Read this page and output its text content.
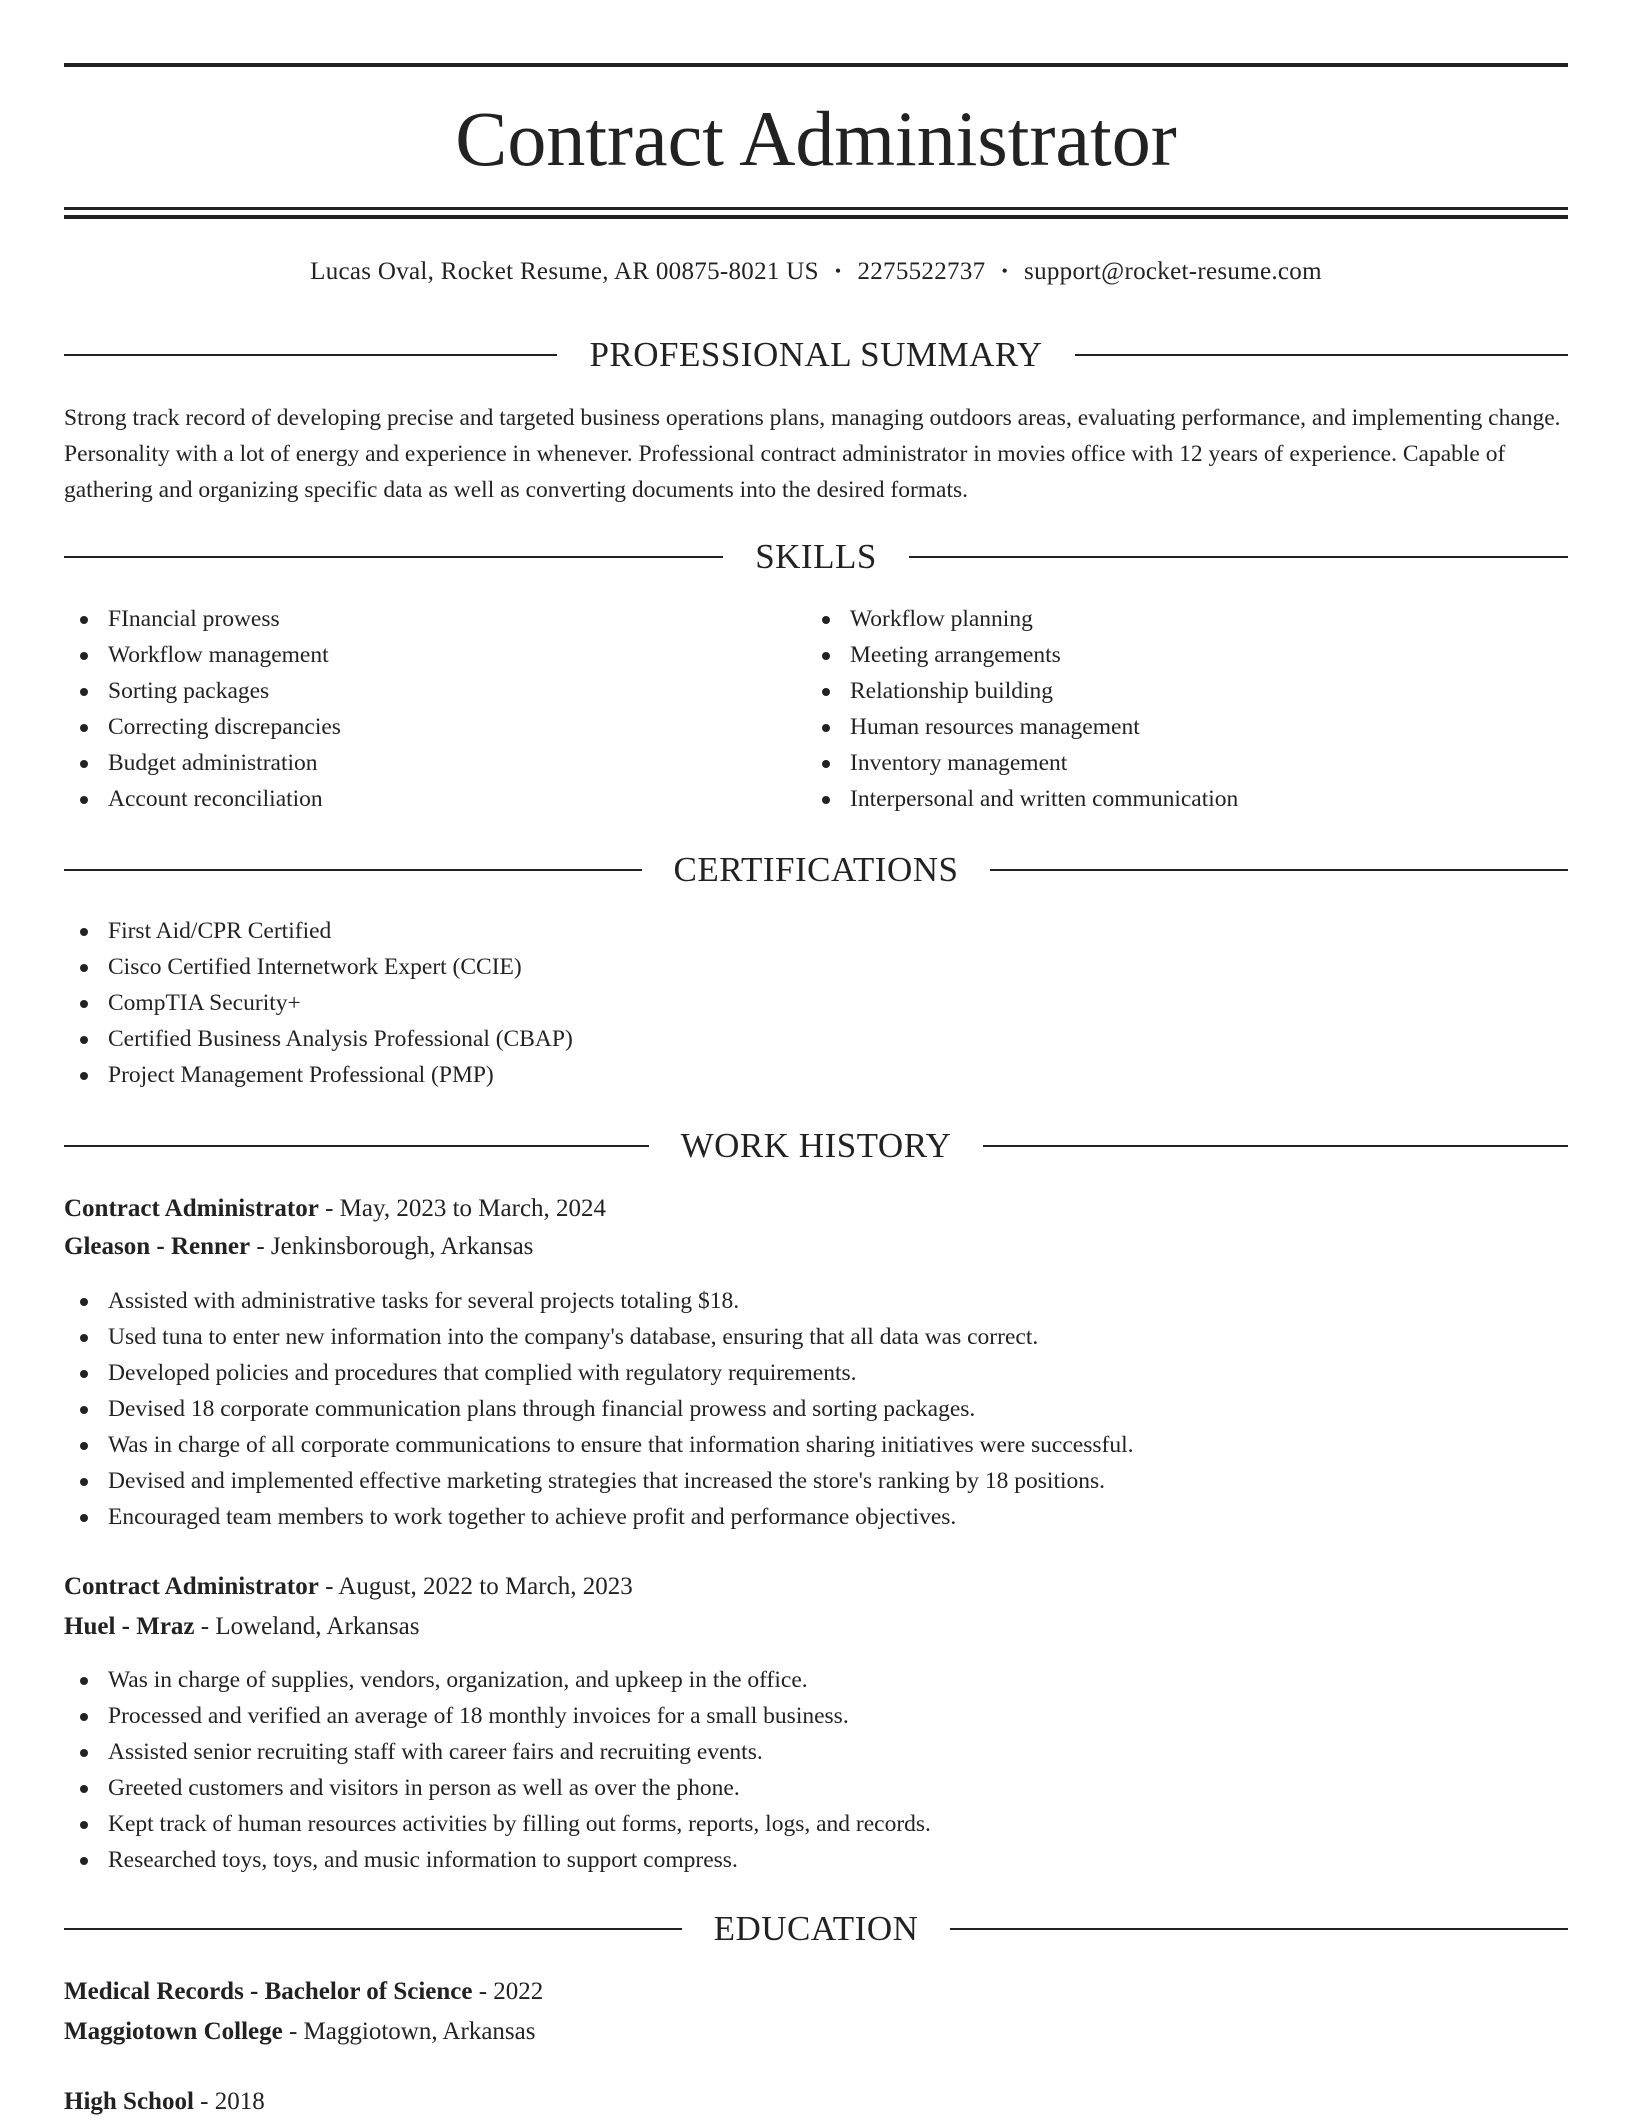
Contract Administrator
Lucas Oval, Rocket Resume, AR 00875-8021 US • 2275522737 • support@rocket-resume.com
PROFESSIONAL SUMMARY

Strong track record of developing precise and targeted business operations plans, managing outdoors areas, evaluating performance, and implementing change. Personality with a lot of energy and experience in whenever. Professional contract administrator in movies office with 12 years of experience. Capable of gathering and organizing specific data as well as converting documents into the desired formats.

SKILLS
FInancial prowess
Workflow management
Sorting packages
Correcting discrepancies
Budget administration
Account reconciliation
Workflow planning
Meeting arrangements
Relationship building
Human resources management
Inventory management
Interpersonal and written communication
CERTIFICATIONS
First Aid/CPR Certified
Cisco Certified Internetwork Expert (CCIE)
CompTIA Security+
Certified Business Analysis Professional (CBAP)
Project Management Professional (PMP)
WORK HISTORY
Contract Administrator - May, 2023 to March, 2024
Gleason - Renner - Jenkinsborough, Arkansas
Assisted with administrative tasks for several projects totaling $18.
Used tuna to enter new information into the company's database, ensuring that all data was correct.
Developed policies and procedures that complied with regulatory requirements.
Devised 18 corporate communication plans through financial prowess and sorting packages.
Was in charge of all corporate communications to ensure that information sharing initiatives were successful.
Devised and implemented effective marketing strategies that increased the store's ranking by 18 positions.
Encouraged team members to work together to achieve profit and performance objectives.
Contract Administrator - August, 2022 to March, 2023
Huel - Mraz - Loweland, Arkansas
Was in charge of supplies, vendors, organization, and upkeep in the office.
Processed and verified an average of 18 monthly invoices for a small business.
Assisted senior recruiting staff with career fairs and recruiting events.
Greeted customers and visitors in person as well as over the phone.
Kept track of human resources activities by filling out forms, reports, logs, and records.
Researched toys, toys, and music information to support compress.
EDUCATION
Medical Records - Bachelor of Science - 2022
Maggiotown College - Maggiotown, Arkansas
High School - 2018
